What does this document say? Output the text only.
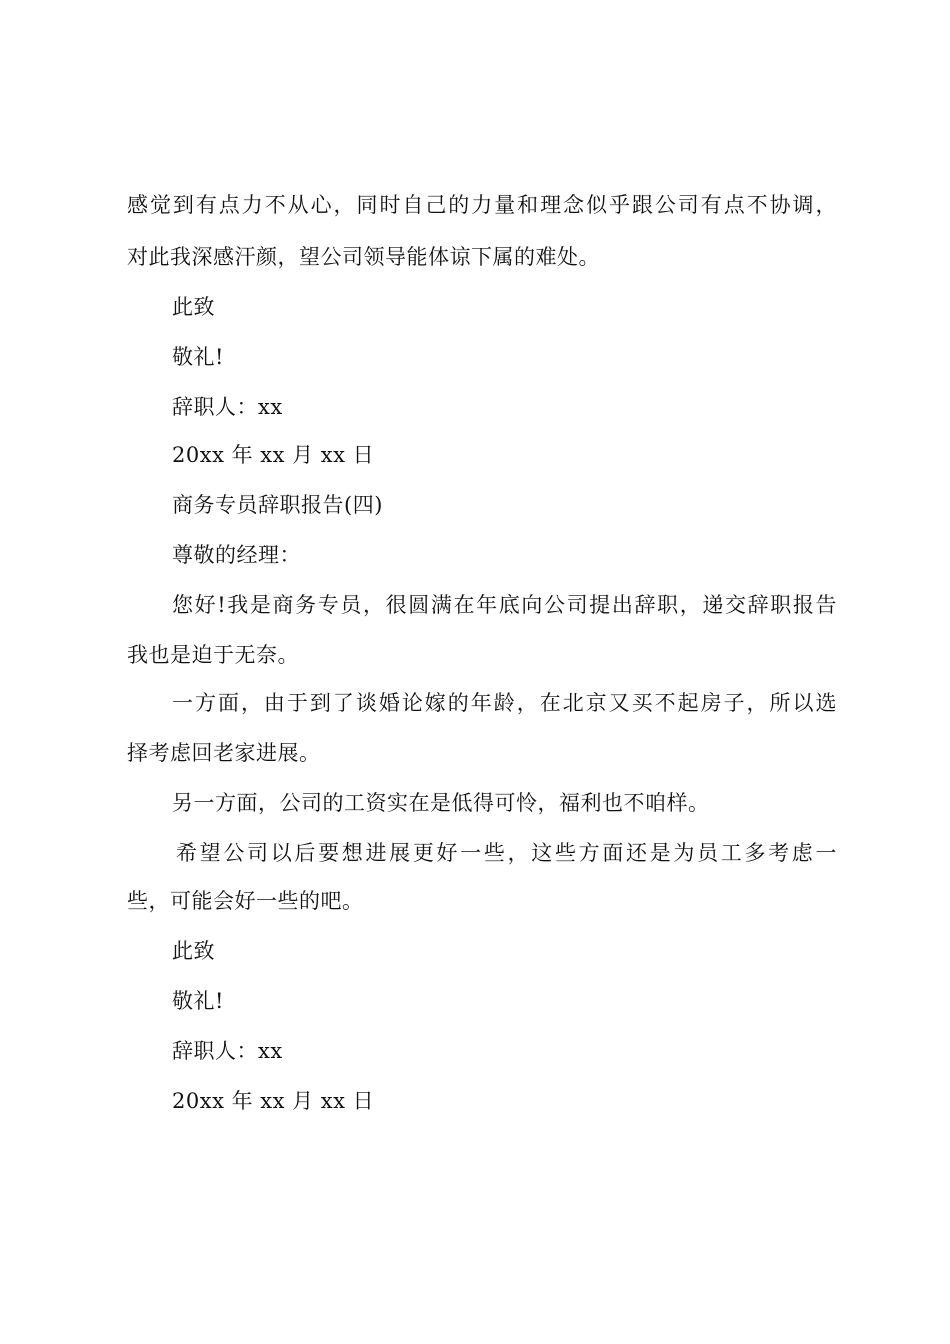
感觉到有点力不从心，同时自己的力量和理念似乎跟公司有点不协调，
对此我深感汗颜，望公司领导能体谅下属的难处。
此致
敬礼!
辞职人：xx
20xx 年 xx 月 xx 日
商务专员辞职报告(四)
尊敬的经理：
您好!我是商务专员，很圆满在年底向公司提出辞职，递交辞职报告
我也是迫于无奈。
一方面，由于到了谈婚论嫁的年龄，在北京又买不起房子，所以选
择考虑回老家进展。
另一方面，公司的工资实在是低得可怜，福利也不咱样。
希望公司以后要想进展更好一些，这些方面还是为员工多考虑一
些，可能会好一些的吧。
此致
敬礼!
辞职人：xx
20xx 年 xx 月 xx 日
